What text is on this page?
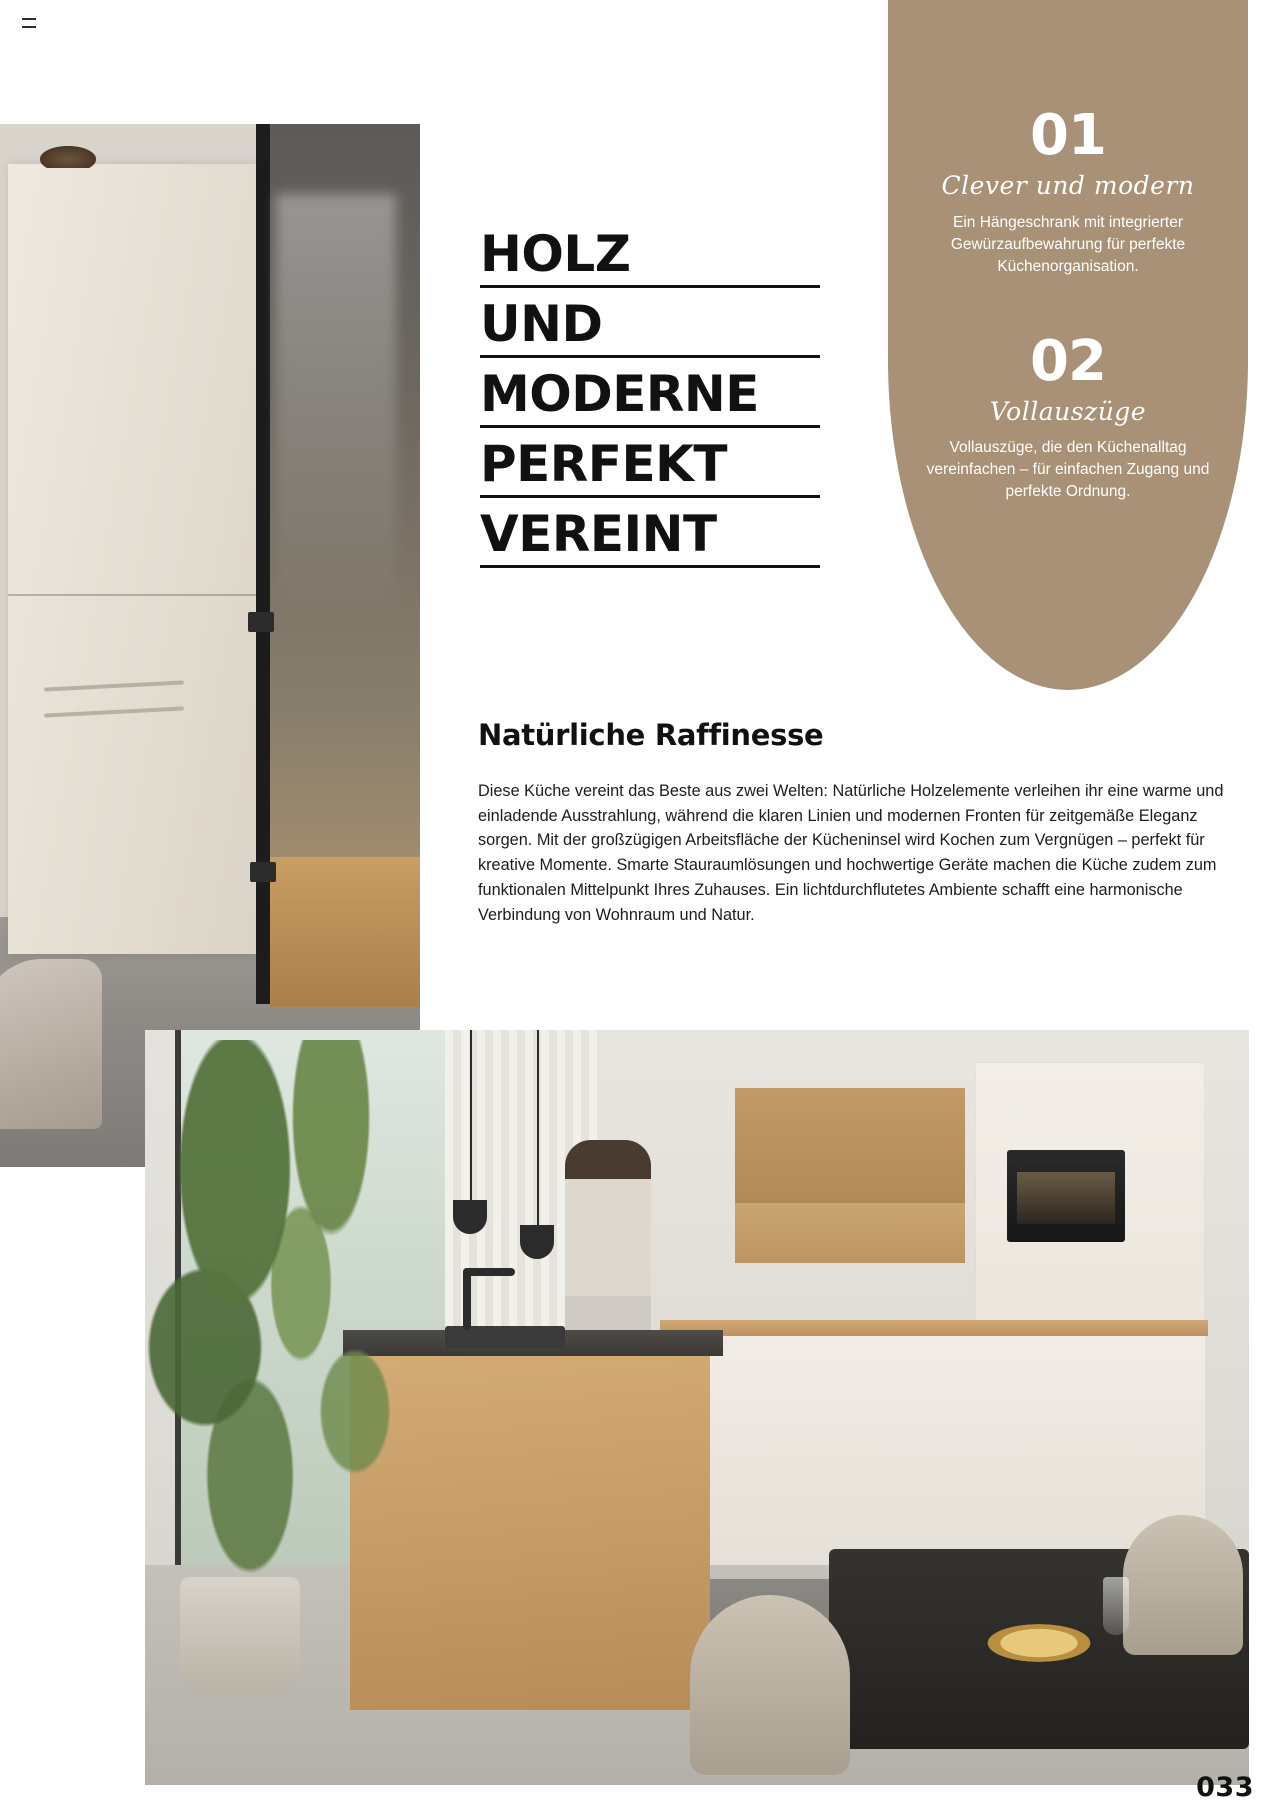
01
Clever und modern
Ein Hängeschrank mit integrierter Gewürzaufbewahrung für perfekte Küchenorganisation.
02
Vollauszüge
Vollauszüge, die den Küchenalltag vereinfachen – für einfachen Zugang und perfekte Ordnung.
HOLZ
UND
MODERNE
PERFEKT
VEREINT
Natürliche Raffinesse

Diese Küche vereint das Beste aus zwei Welten: Natürliche Holzelemente verleihen ihr eine warme und einladende Ausstrahlung, während die klaren Linien und modernen Fronten für zeitgemäße Eleganz sorgen. Mit der großzügigen Arbeitsfläche der Kücheninsel wird Kochen zum Vergnügen – perfekt für kreative Momente. Smarte Stauraumlösungen und hochwertige Geräte machen die Küche zudem zum funktionalen Mittelpunkt Ihres Zuhauses. Ein lichtdurchflutetes Ambiente schafft eine harmonische Verbindung von Wohnraum und Natur.

033
